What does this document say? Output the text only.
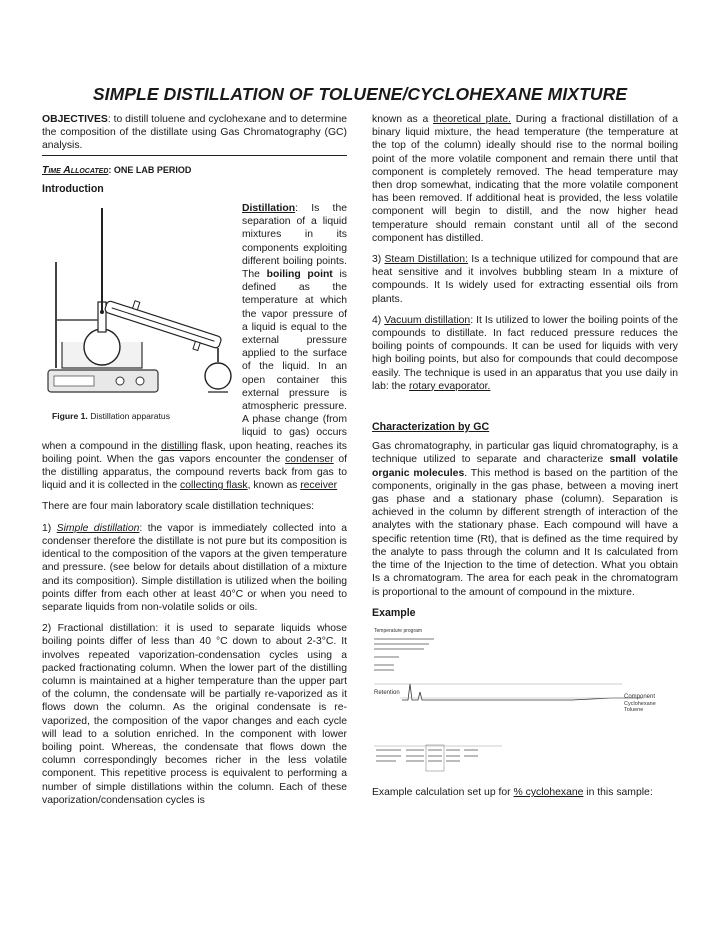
SIMPLE DISTILLATION OF TOLUENE/CYCLOHEXANE MIXTURE

OBJECTIVES: to distill toluene and cyclohexane and to determine the composition of the distillate using Gas Chromatography (GC) analysis.

Time Allocated: ONE LAB PERIOD

Introduction

Figure 1. Distillation apparatus
Distillation: Is the separation of a liquid mixtures in its components exploiting different boiling points. The boiling point is defined as the temperature at which the vapor pressure of a liquid is equal to the external pressure applied to the surface of the liquid. In an open container this external pressure is atmospheric pressure. A phase change (from liquid to gas) occurs when a compound in the distilling flask, upon heating, reaches its boiling point. When the gas vapors encounter the condenser of the distilling apparatus, the compound reverts back from gas to liquid and it is collected in the collecting flask, known as receiver

There are four main laboratory scale distillation techniques:

1) Simple distillation: the vapor is immediately collected into a condenser therefore the distillate is not pure but its composition is identical to the composition of the vapors at the given temperature and pressure. (see below for details about distillation of a mixture and its composition). Simple distillation is utilized when the boiling points differ from each other at least 40°C or when you need to separate liquids from non-volatile solids or oils.

2) Fractional distillation: it is used to separate liquids whose boiling points differ of less than 40 °C down to about 2-3°C. It involves repeated vaporization-condensation cycles using a packed fractionating column. When the lower part of the distilling column is maintained at a higher temperature than the upper part of the column, the condensate will be partially re-vaporized as it flows down the column. As the original condensate is re-vaporized, the composition of the vapor changes and each cycle will lead to a solution enriched. In the component with lower boiling point. Whereas, the condensate that flows down the column correspondingly becomes richer in the less volatile component. This repetitive process is equivalent to performing a number of simple distillations within the column. Each of these vaporization/condensation cycles is

known as a theoretical plate. During a fractional distillation of a binary liquid mixture, the head temperature (the temperature at the top of the column) ideally should rise to the normal boiling point of the more volatile component and remain there until that component is completely removed. The head temperature may then drop somewhat, indicating that the more volatile component has been removed. If additional heat is provided, the less volatile component will begin to distill, and the now higher head temperature should remain constant until all of the second component has distilled.

3) Steam Distillation: Is a technique utilized for compound that are heat sensitive and it involves bubbling steam In a mixture of compounds. It Is widely used for extracting essential oils from plants.

4) Vacuum distillation: It Is utilized to lower the boiling points of the compounds to distillate. In fact reduced pressure reduces the boiling points of compounds. It can be used for liquids with very high boiling points, but also for compounds that could decompose easily. The technique is used in an apparatus that you use daily in lab: the rotary evaporator.

Characterization by GC

Gas chromatography, in particular gas liquid chromatography, is a technique utilized to separate and characterize small volatile organic molecules. This method is based on the partition of the components, originally in the gas phase, between a moving inert gas phase and a stationary phase (column). Separation is achieved in the column by different strength of interaction of the analytes with the stationary phase. Each compound will have a specific retention time (Rt), that is defined as the time required by the analyte to pass through the column and It Is calculated from the time of the Injection to the time of detection. What you obtain Is a chromatogram. The area for each peak in the chromatogram is proportional to the amount of compound in the mixture.

Example
Temperature program
Retention
Component
Cyclohexane
Toluene

Example calculation set up for % cyclohexane in this sample:
